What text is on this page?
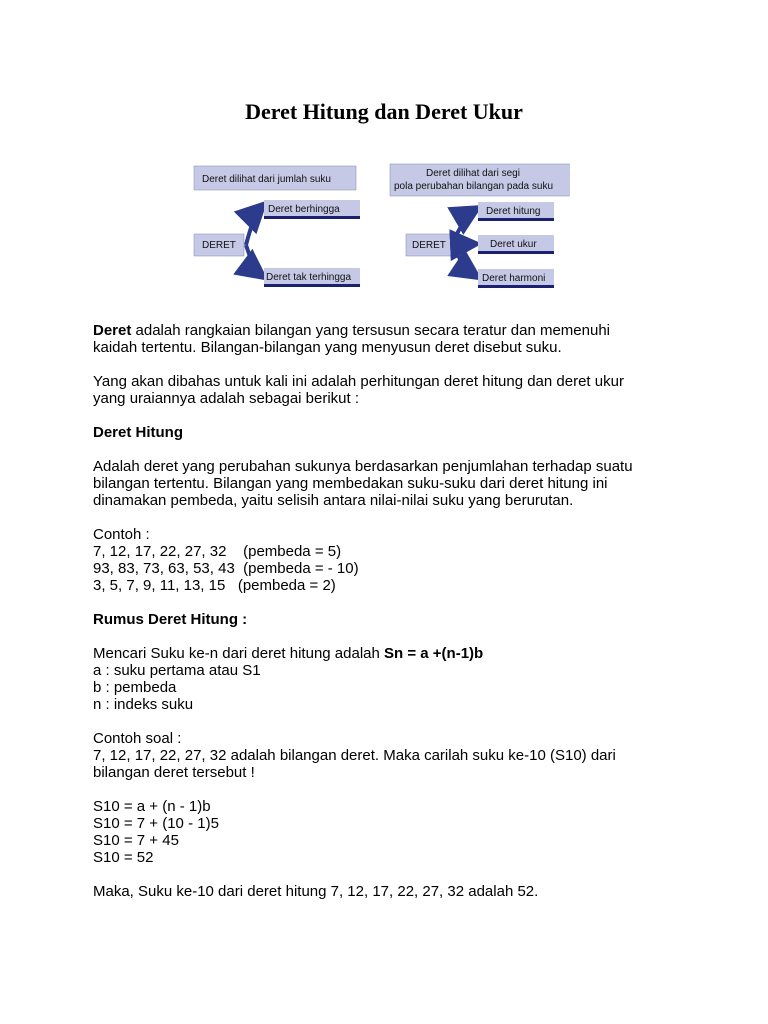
Deret Hitung dan Deret Ukur
Deret dilihat dari jumlah suku
DERET
Deret berhingga
Deret tak terhingga
Deret dilihat dari segi
pola perubahan bilangan pada suku
DERET
Deret hitung
Deret ukur
Deret harmoni

Deret adalah rangkaian bilangan yang tersusun secara teratur dan memenuhi
kaidah tertentu. Bilangan-bilangan yang menyusun deret disebut suku.

Yang akan dibahas untuk kali ini adalah perhitungan deret hitung dan deret ukur
yang uraiannya adalah sebagai berikut :

Deret Hitung

Adalah deret yang perubahan sukunya berdasarkan penjumlahan terhadap suatu
bilangan tertentu. Bilangan yang membedakan suku-suku dari deret hitung ini
dinamakan pembeda, yaitu selisih antara nilai-nilai suku yang berurutan.

Contoh :
7, 12, 17, 22, 27, 32    (pembeda = 5)
93, 83, 73, 63, 53, 43  (pembeda = - 10)
3, 5, 7, 9, 11, 13, 15   (pembeda = 2)

Rumus Deret Hitung :

Mencari Suku ke-n dari deret hitung adalah Sn = a +(n-1)b
a : suku pertama atau S1
b : pembeda
n : indeks suku

Contoh soal :
7, 12, 17, 22, 27, 32 adalah bilangan deret. Maka carilah suku ke-10 (S10) dari
bilangan deret tersebut !

S10 = a + (n - 1)b
S10 = 7 + (10 - 1)5
S10 = 7 + 45
S10 = 52

Maka, Suku ke-10 dari deret hitung 7, 12, 17, 22, 27, 32 adalah 52.
